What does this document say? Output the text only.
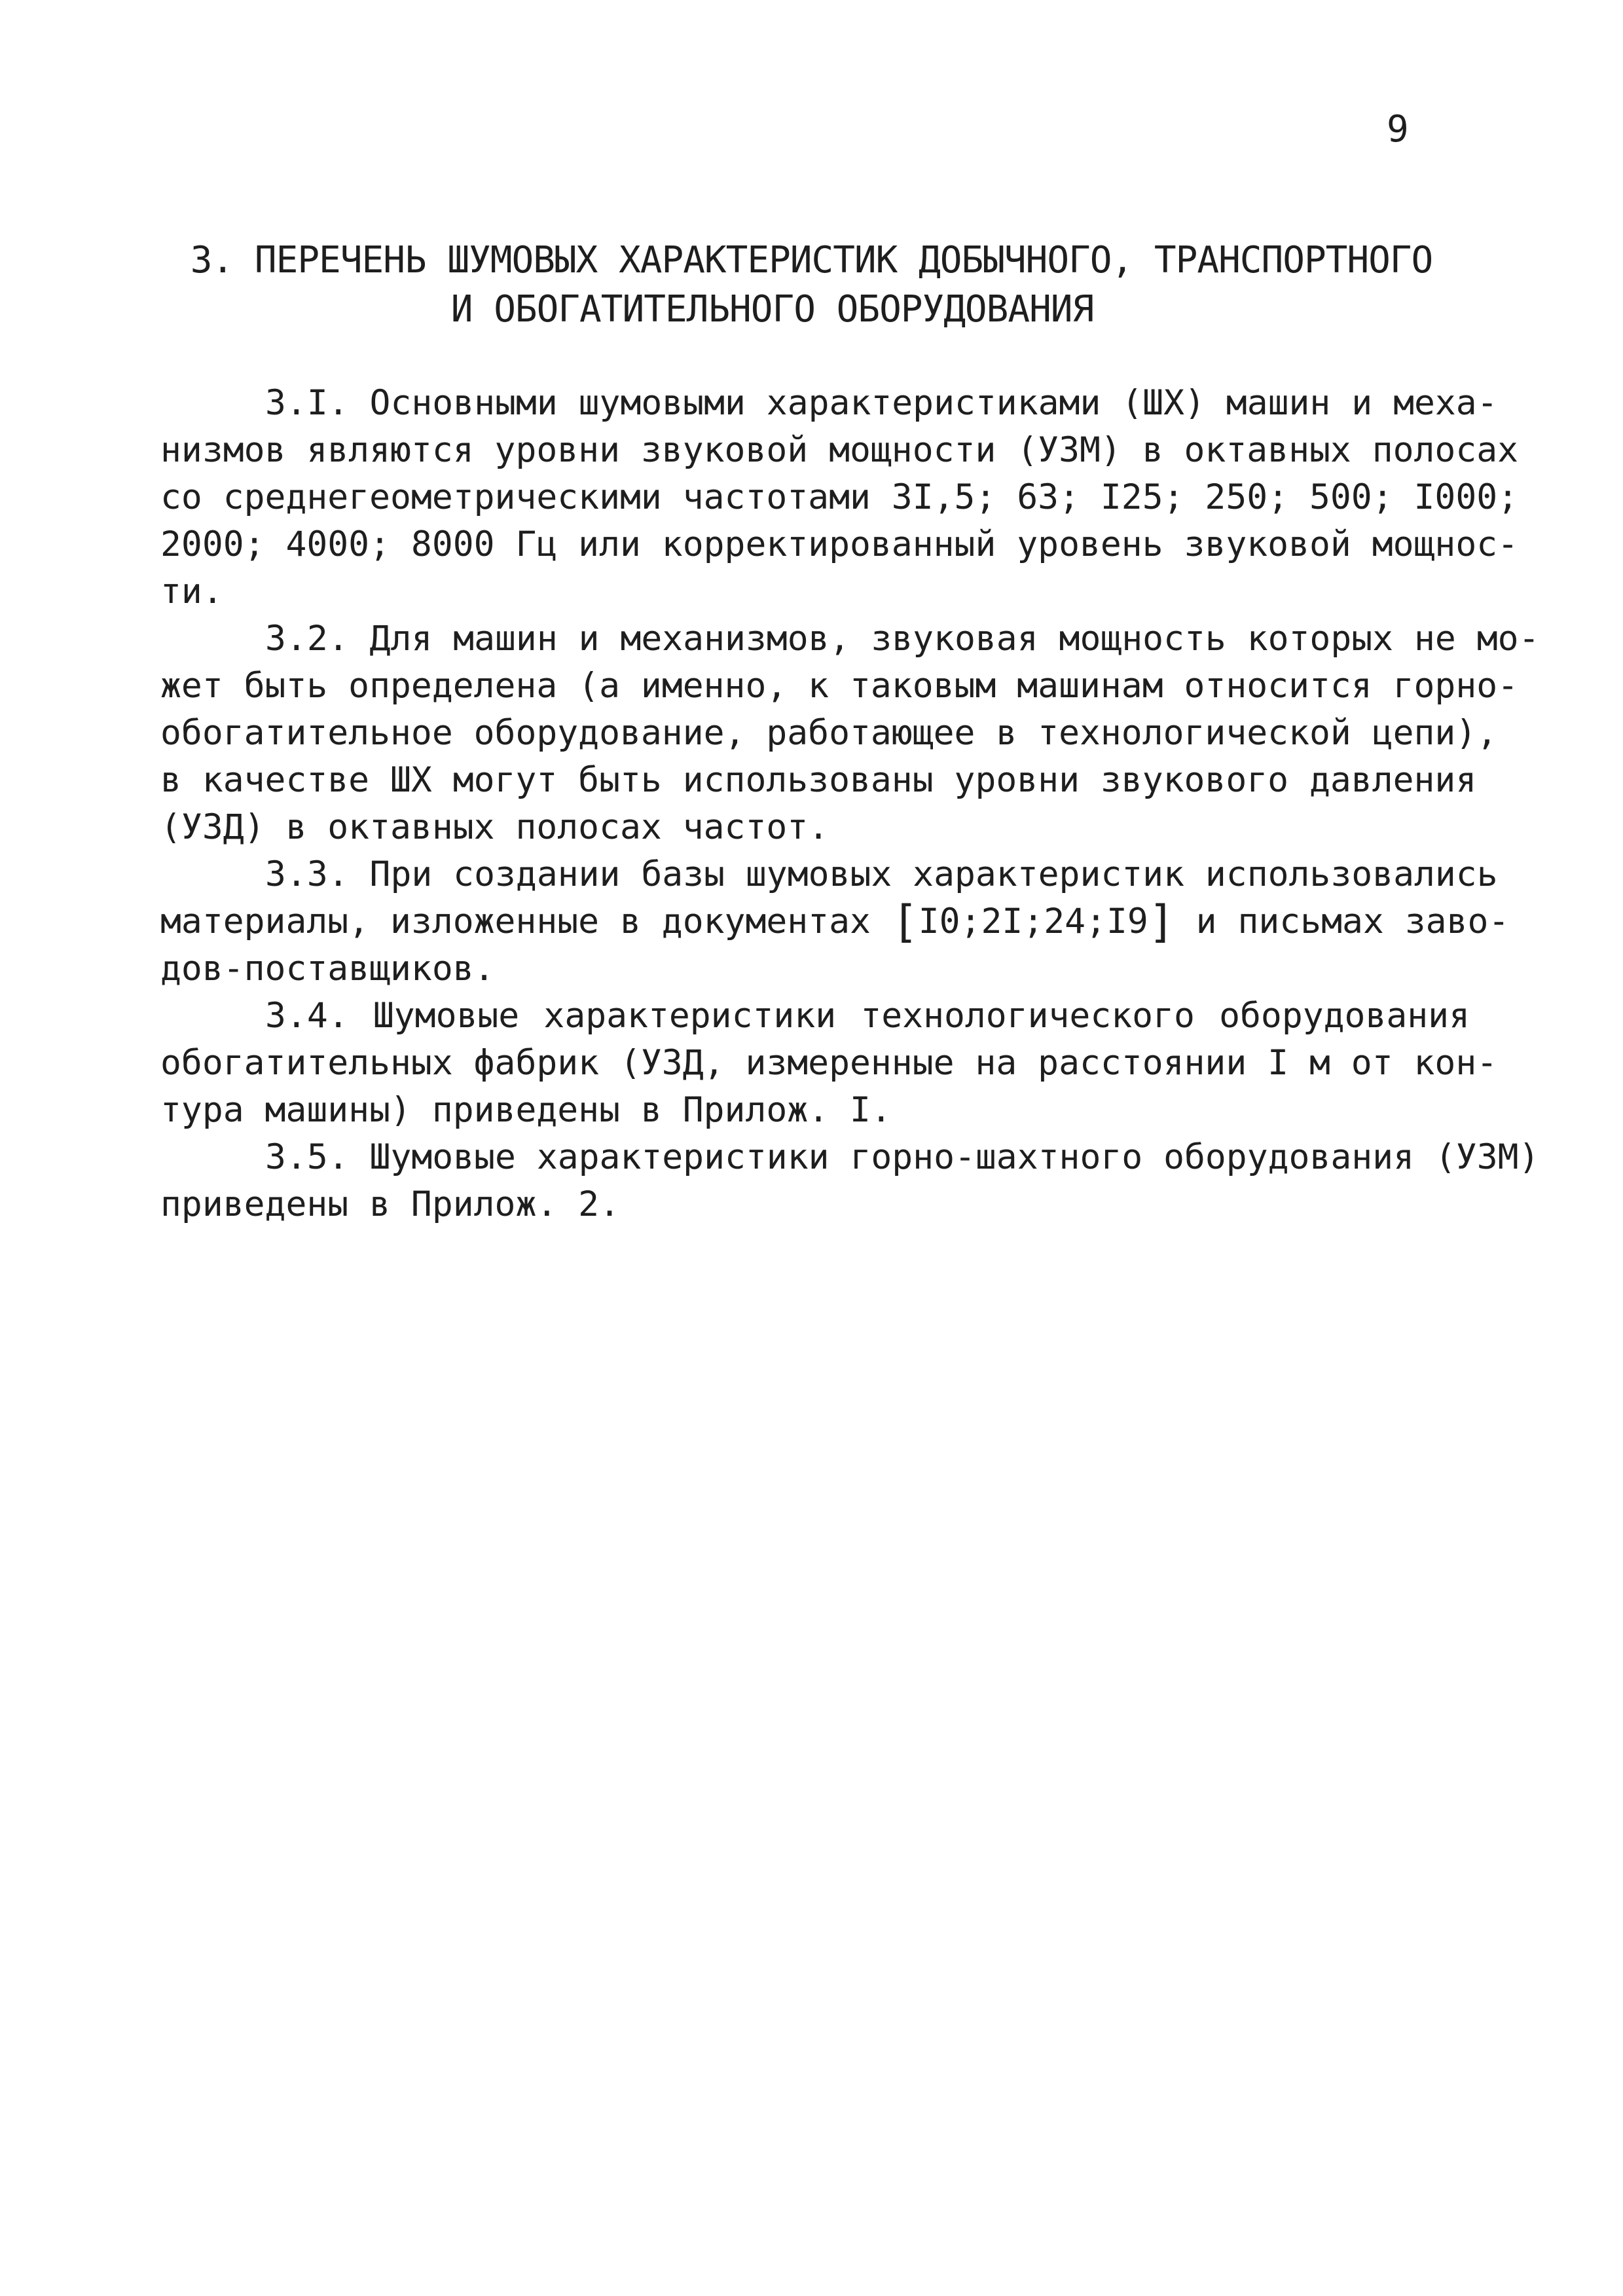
9
3. ПЕРЕЧЕНЬ ШУМОВЫХ ХАРАКТЕРИСТИК ДОБЫЧНОГО, ТРАНСПОРТНОГО
И ОБОГАТИТЕЛЬНОГО ОБОРУДОВАНИЯ
3.I. Основными шумовыми характеристиками (ШХ) машин и меха-
низмов являются уровни звуковой мощности (УЗМ) в октавных полосах
со среднегеометрическими частотами 3I,5; 63; I25; 250; 500; I000;
2000; 4000; 8000 Гц или корректированный уровень звуковой мощнос-
ти.
3.2. Для машин и механизмов, звуковая мощность которых не мо-
жет быть определена (а именно, к таковым машинам относится горно-
обогатительное оборудование, работающее в технологической цепи),
в качестве ШХ могут быть использованы уровни звукового давления
(УЗД) в октавных полосах частот.
3.3. При создании базы шумовых характеристик использовались
материалы, изложенные в документах [I0;2I;24;I9] и письмах заво-
дов-поставщиков.
3.4. Шумовые характеристики технологического оборудования
обогатительных фабрик (УЗД, измеренные на расстоянии I м от кон-
тура машины) приведены в Прилож. I.
3.5. Шумовые характеристики горно-шахтного оборудования (УЗМ)
приведены в Прилож. 2.
